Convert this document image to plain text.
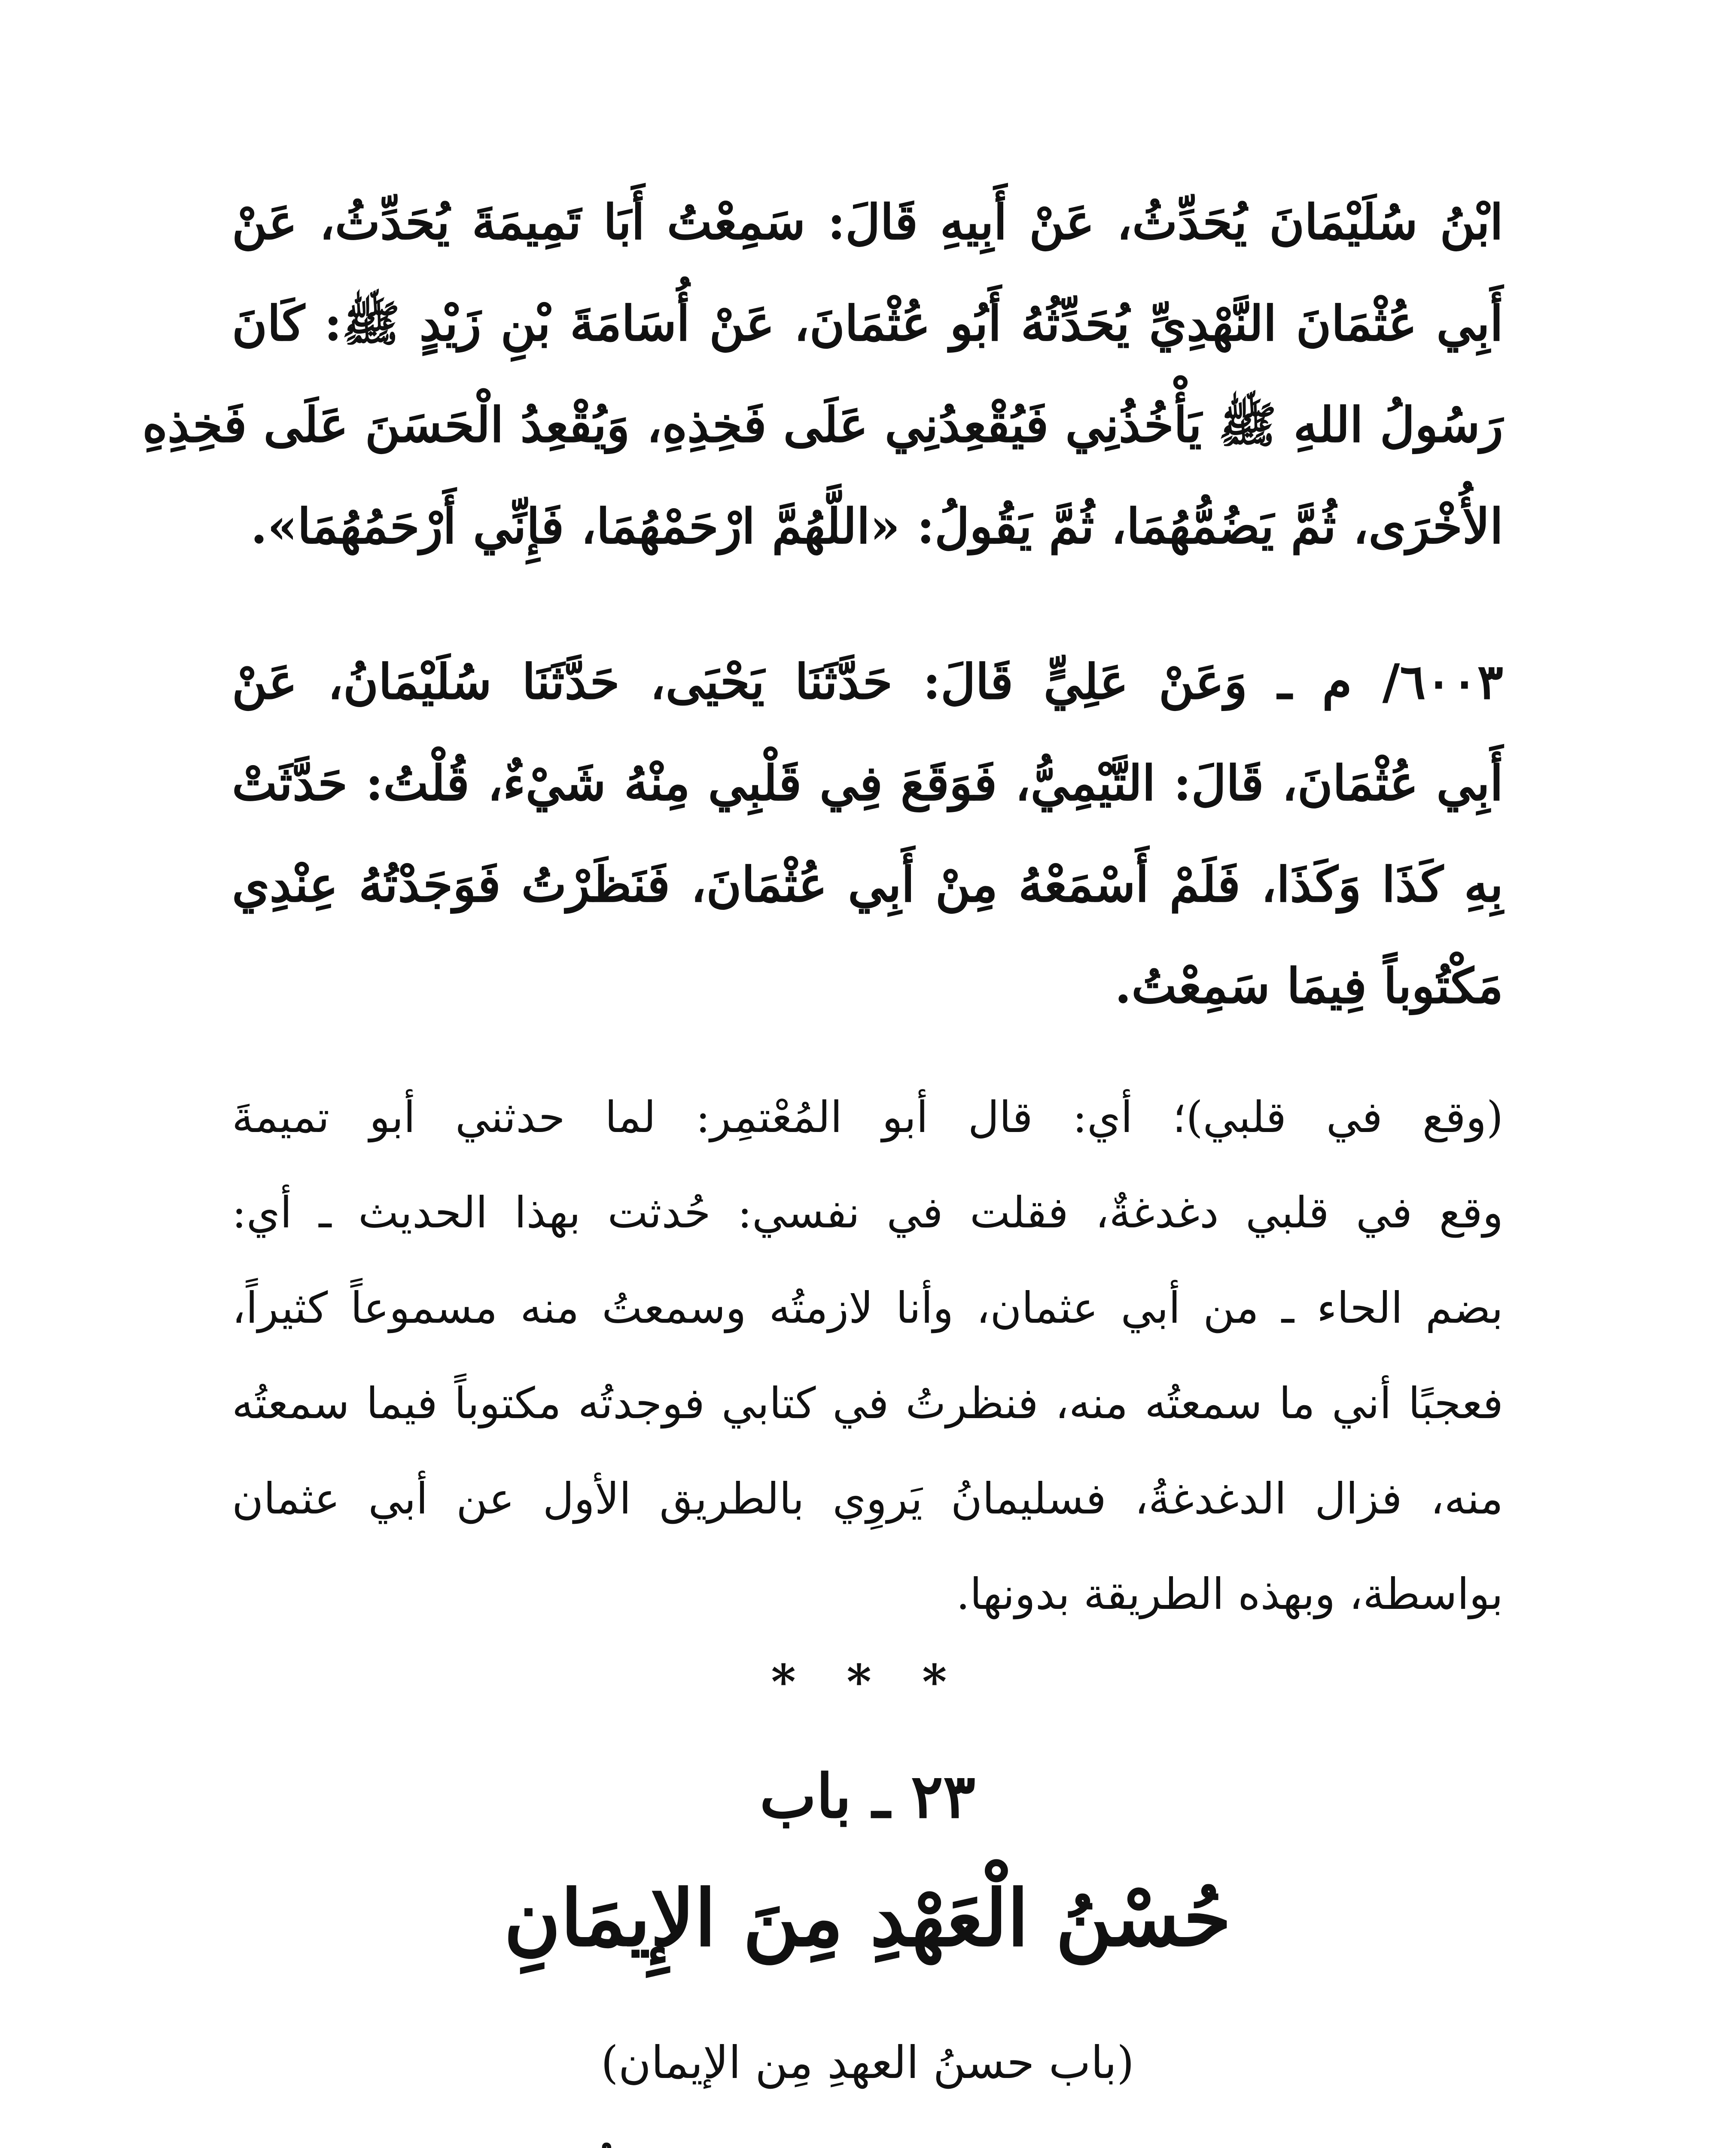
ابْنُ سُلَيْمَانَ يُحَدِّثُ، عَنْ أَبِيهِ قَالَ: سَمِعْتُ أَبَا تَمِيمَةَ يُحَدِّثُ، عَنْ
أَبِي عُثْمَانَ النَّهْدِيِّ يُحَدِّثُهُ أَبُو عُثْمَانَ، عَنْ أُسَامَةَ بْنِ زَيْدٍ ﷺ: كَانَ
رَسُولُ اللهِ ﷺ يَأْخُذُنِي فَيُقْعِدُنِي عَلَى فَخِذِهِ، وَيُقْعِدُ الْحَسَنَ عَلَى فَخِذِهِ
الأُخْرَى، ثُمَّ يَضُمُّهُمَا، ثُمَّ يَقُولُ: «اللَّهُمَّ ارْحَمْهُمَا، فَإِنِّي أَرْحَمُهُمَا».
٦٠٠٣/ م ـ وَعَنْ عَلِيٍّ قَالَ: حَدَّثَنَا يَحْيَى، حَدَّثَنَا سُلَيْمَانُ، عَنْ
أَبِي عُثْمَانَ، قَالَ: التَّيْمِيُّ، فَوَقَعَ فِي قَلْبِي مِنْهُ شَيْءٌ، قُلْتُ: حَدَّثَتْ
بِهِ كَذَا وَكَذَا، فَلَمْ أَسْمَعْهُ مِنْ أَبِي عُثْمَانَ، فَنَظَرْتُ فَوَجَدْتُهُ عِنْدِي
مَكْتُوباً فِيمَا سَمِعْتُ.
(وقع في قلبي)؛ أي: قال أبو المُعْتمِر: لما حدثني أبو تميمةَ
وقع في قلبي دغدغةٌ، فقلت في نفسي: حُدثت بهذا الحديث ـ أي:
بضم الحاء ـ من أبي عثمان، وأنا لازمتُه وسمعتُ منه مسموعاً كثيراً،
فعجبًا أني ما سمعتُه منه، فنظرتُ في كتابي فوجدتُه مكتوباً فيما سمعتُه
منه، فزال الدغدغةُ، فسليمانُ يَروِي بالطريق الأول عن أبي عثمان
بواسطة، وبهذه الطريقة بدونها.
* * *
٢٣ ـ باب
حُسْنُ الْعَهْدِ مِنَ الإِيمَانِ
(باب حسنُ العهدِ مِن الإيمان)
